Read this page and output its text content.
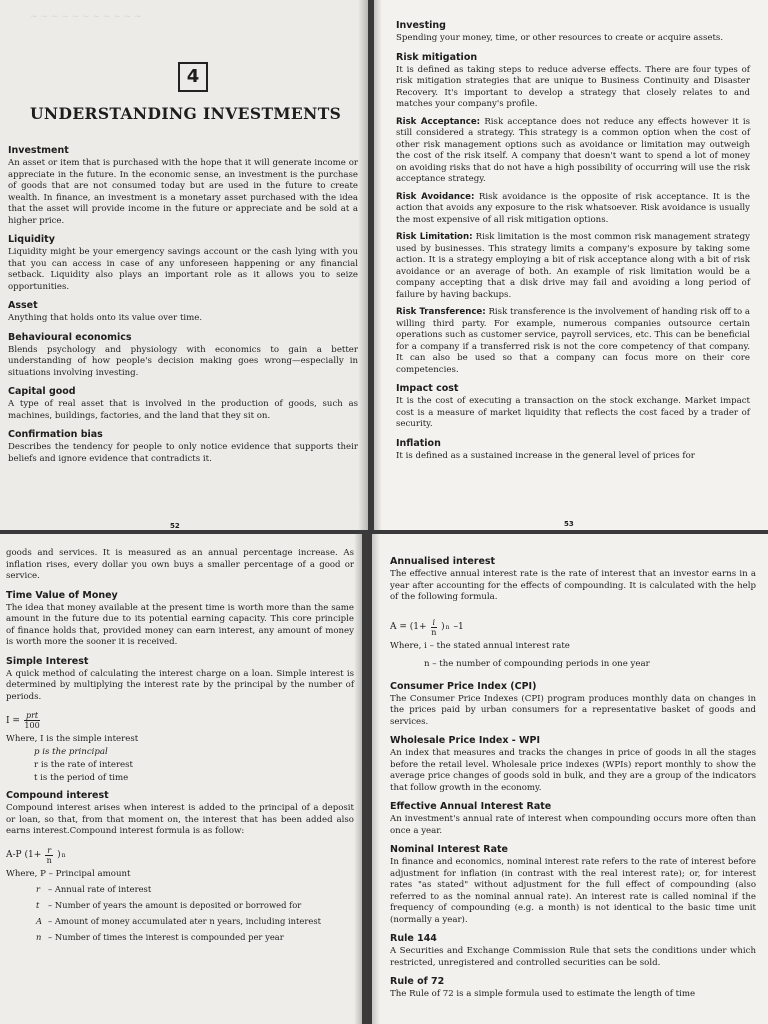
~ ~ ~ ~ ~ ~ ~ ~ ~ ~ ~
4
UNDERSTANDING INVESTMENTS
Investment

An asset or item that is purchased with the hope that it will generate income or appreciate in the future. In the economic sense, an investment is the purchase of goods that are not consumed today but are used in the future to create wealth. In finance, an investment is a monetary asset purchased with the idea that the asset will provide income in the future or appreciate and be sold at a higher price.

Liquidity

Liquidity might be your emergency savings account or the cash lying with you that you can access in case of any unforeseen happening or any financial setback. Liquidity also plays an important role as it allows you to seize opportunities.

Asset

Anything that holds onto its value over time.

Behavioural economics

Blends psychology and physiology with economics to gain a better understanding of how people's decision making goes wrong—especially in situations involving investing.

Capital good

A type of real asset that is involved in the production of goods, such as machines, buildings, factories, and the land that they sit on.

Confirmation bias

Describes the tendency for people to only notice evidence that supports their beliefs and ignore evidence that contradicts it.

52
Investing

Spending your money, time, or other resources to create or acquire assets.

Risk mitigation

It is defined as taking steps to reduce adverse effects. There are four types of risk mitigation strategies that are unique to Business Continuity and Disaster Recovery. It's important to develop a strategy that closely relates to and matches your company's profile.

Risk Acceptance: Risk acceptance does not reduce any effects however it is still considered a strategy. This strategy is a common option when the cost of other risk management options such as avoidance or limitation may outweigh the cost of the risk itself. A company that doesn't want to spend a lot of money on avoiding risks that do not have a high possibility of occurring will use the risk acceptance strategy.

Risk Avoidance: Risk avoidance is the opposite of risk acceptance. It is the action that avoids any exposure to the risk whatsoever. Risk avoidance is usually the most expensive of all risk mitigation options.

Risk Limitation: Risk limitation is the most common risk management strategy used by businesses. This strategy limits a company's exposure by taking some action. It is a strategy employing a bit of risk acceptance along with a bit of risk avoidance or an average of both. An example of risk limitation would be a company accepting that a disk drive may fail and avoiding a long period of failure by having backups.

Risk Transference: Risk transference is the involvement of handing risk off to a willing third party. For example, numerous companies outsource certain operations such as customer service, payroll services, etc. This can be beneficial for a company if a transferred risk is not the core competency of that company. It can also be used so that a company can focus more on their core competencies.

Impact cost

It is the cost of executing a transaction on the stock exchange. Market impact cost is a measure of market liquidity that reflects the cost faced by a trader of security.

Inflation

It is defined as a sustained increase in the general level of prices for

53

goods and services. It is measured as an annual percentage increase. As inflation rises, every dollar you own buys a smaller percentage of a good or service.

Time Value of Money

The idea that money available at the present time is worth more than the same amount in the future due to its potential earning capacity. This core principle of finance holds that, provided money can earn interest, any amount of money is worth more the sooner it is received.

Simple Interest

A quick method of calculating the interest charge on a loan. Simple interest is determined by multiplying the interest rate by the principal by the number of periods.

$I = \frac{\text{prt}}{100}$
Where, I is the simple interest
p is the principal
r is the rate of interest
t is the period of time
Compound interest

Compound interest arises when interest is added to the principal of a deposit or loan, so that, from that moment on, the interest that has been added also earns interest.Compound interest formula is as follow:

A-P ($1+ \frac{r}{n}$ ) n
Where, P – Principal amount
r – Annual rate of interest
t	– Number of years the amount is deposited or borrowed for
A – Amount of money accumulated ater n years, including interest
n – Number of times the interest is compounded per year
Annualised interest

The effective annual interest rate is the rate of interest that an investor earns in a year after accounting for the effects of compounding. It is calculated with the help of the following formula.

$A = (1+ \frac{i}{n}$ ) n –1
Where, i – the stated annual interest rate
n – the number of compounding periods in one year
Consumer Price Index (CPI)

The Consumer Price Indexes (CPI) program produces monthly data on changes in the prices paid by urban consumers for a representative basket of goods and services.

Wholesale Price Index - WPI

An index that measures and tracks the changes in price of goods in all the stages before the retail level. Wholesale price indexes (WPIs) report monthly to show the average price changes of goods sold in bulk, and they are a group of the indicators that follow growth in the economy.

Effective Annual Interest Rate

An investment's annual rate of interest when compounding occurs more often than once a year.

Nominal Interest Rate

In finance and economics, nominal interest rate refers to the rate of interest before adjustment for inflation (in contrast with the real interest rate); or, for interest rates "as stated" without adjustment for the full effect of compounding (also referred to as the nominal annual rate). An interest rate is called nominal if the frequency of compounding (e.g. a month) is not identical to the basic time unit (normally a year).

Rule 144

A Securities and Exchange Commission Rule that sets the conditions under which restricted, unregistered and controlled securities can be sold.

Rule of 72

The Rule of 72 is a simple formula used to estimate the length of time
